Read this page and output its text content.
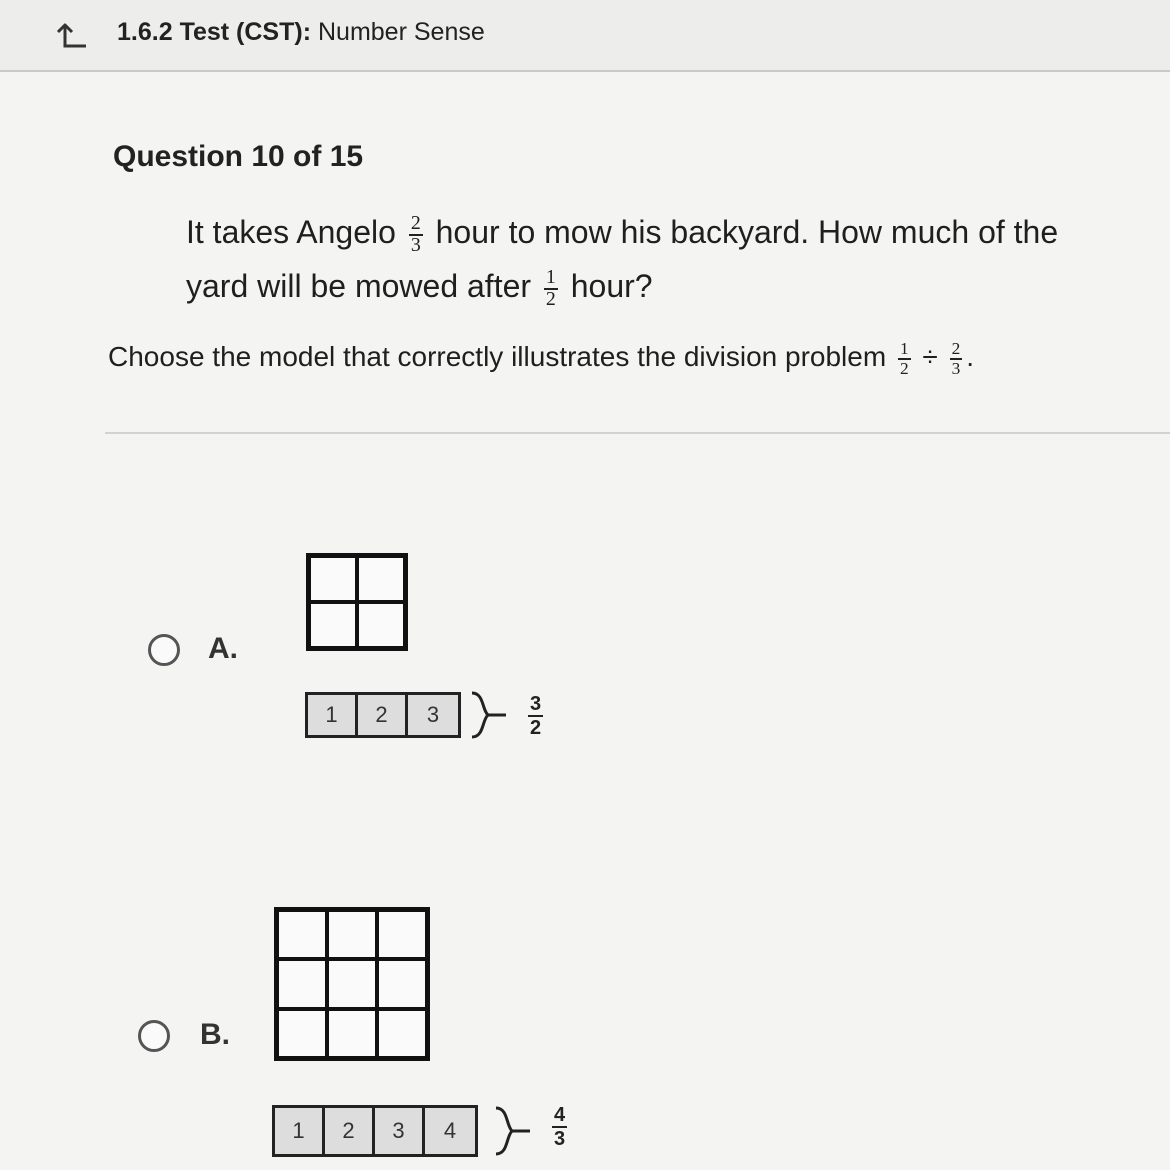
1.6.2 Test (CST): Number Sense
Question 10 of 15
It takes Angelo $\frac{2}{3}$ hour to mow his backyard. How much of the yard will be mowed after $\frac{1}{2}$ hour?
Choose the model that correctly illustrates the division problem $\frac{1}{2} \div \frac{2}{3}$ .
A.
1	2	3	$\frac{3}{2}$
B.
1	2	3	4	$\frac{4}{3}$
